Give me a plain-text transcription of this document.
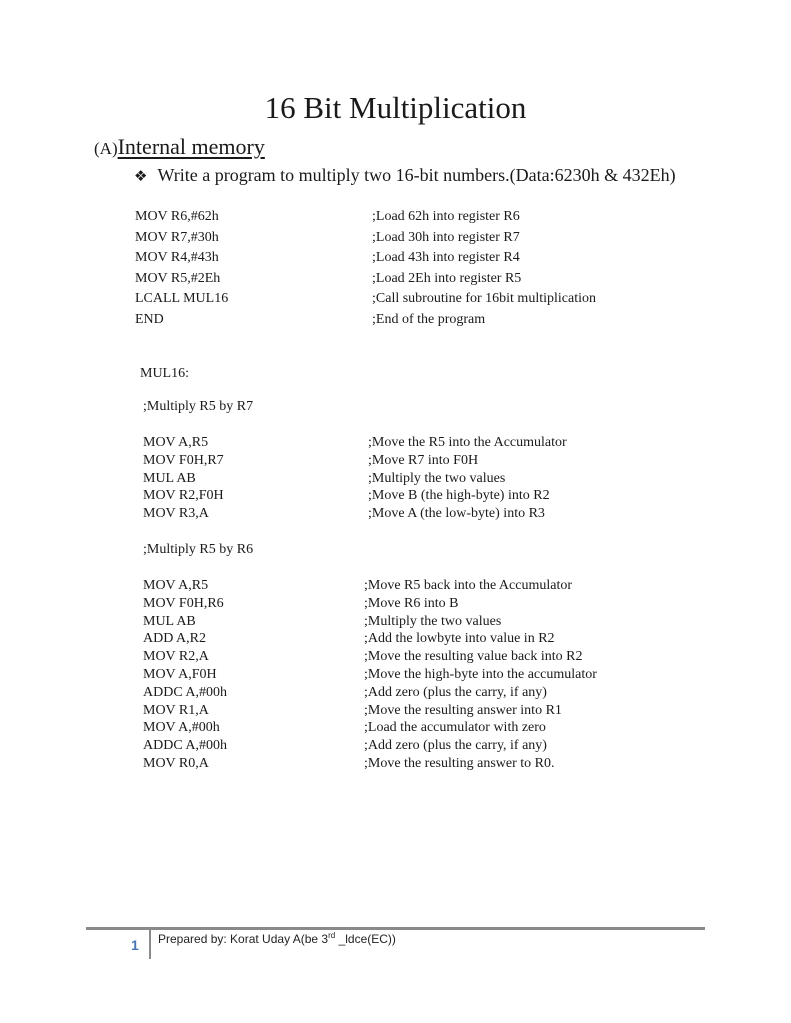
16 Bit Multiplication
(A)Internal memory
❖ Write a program to multiply two 16-bit numbers.(Data:6230h & 432Eh)
MOV R6,#62h
MOV R7,#30h
MOV R4,#43h
MOV R5,#2Eh
LCALL MUL16
END
;Load 62h into register R6
;Load 30h into register R7
;Load 43h into register R4
;Load 2Eh into register R5
;Call subroutine for 16bit multiplication
;End of the program
MUL16:
;Multiply R5 by R7
MOV A,R5
MOV F0H,R7
MUL AB
MOV R2,F0H
MOV R3,A
;Move the R5 into the Accumulator
;Move R7 into F0H
;Multiply the two values
;Move B (the high-byte) into R2
;Move A (the low-byte) into R3
;Multiply R5 by R6
MOV A,R5
MOV F0H,R6
MUL AB
ADD A,R2
MOV R2,A
MOV A,F0H
ADDC A,#00h
MOV R1,A
MOV A,#00h
ADDC A,#00h
MOV R0,A
;Move R5 back into the Accumulator
;Move R6 into B
;Multiply the two values
;Add the lowbyte into value in R2
;Move the resulting value back into R2
;Move the high-byte into the accumulator
;Add zero (plus the carry, if any)
;Move the resulting answer into R1
;Load the accumulator with zero
;Add zero (plus the carry, if any)
;Move the resulting answer to R0.
1 Prepared by: Korat Uday A(be 3rd _ldce(EC))
